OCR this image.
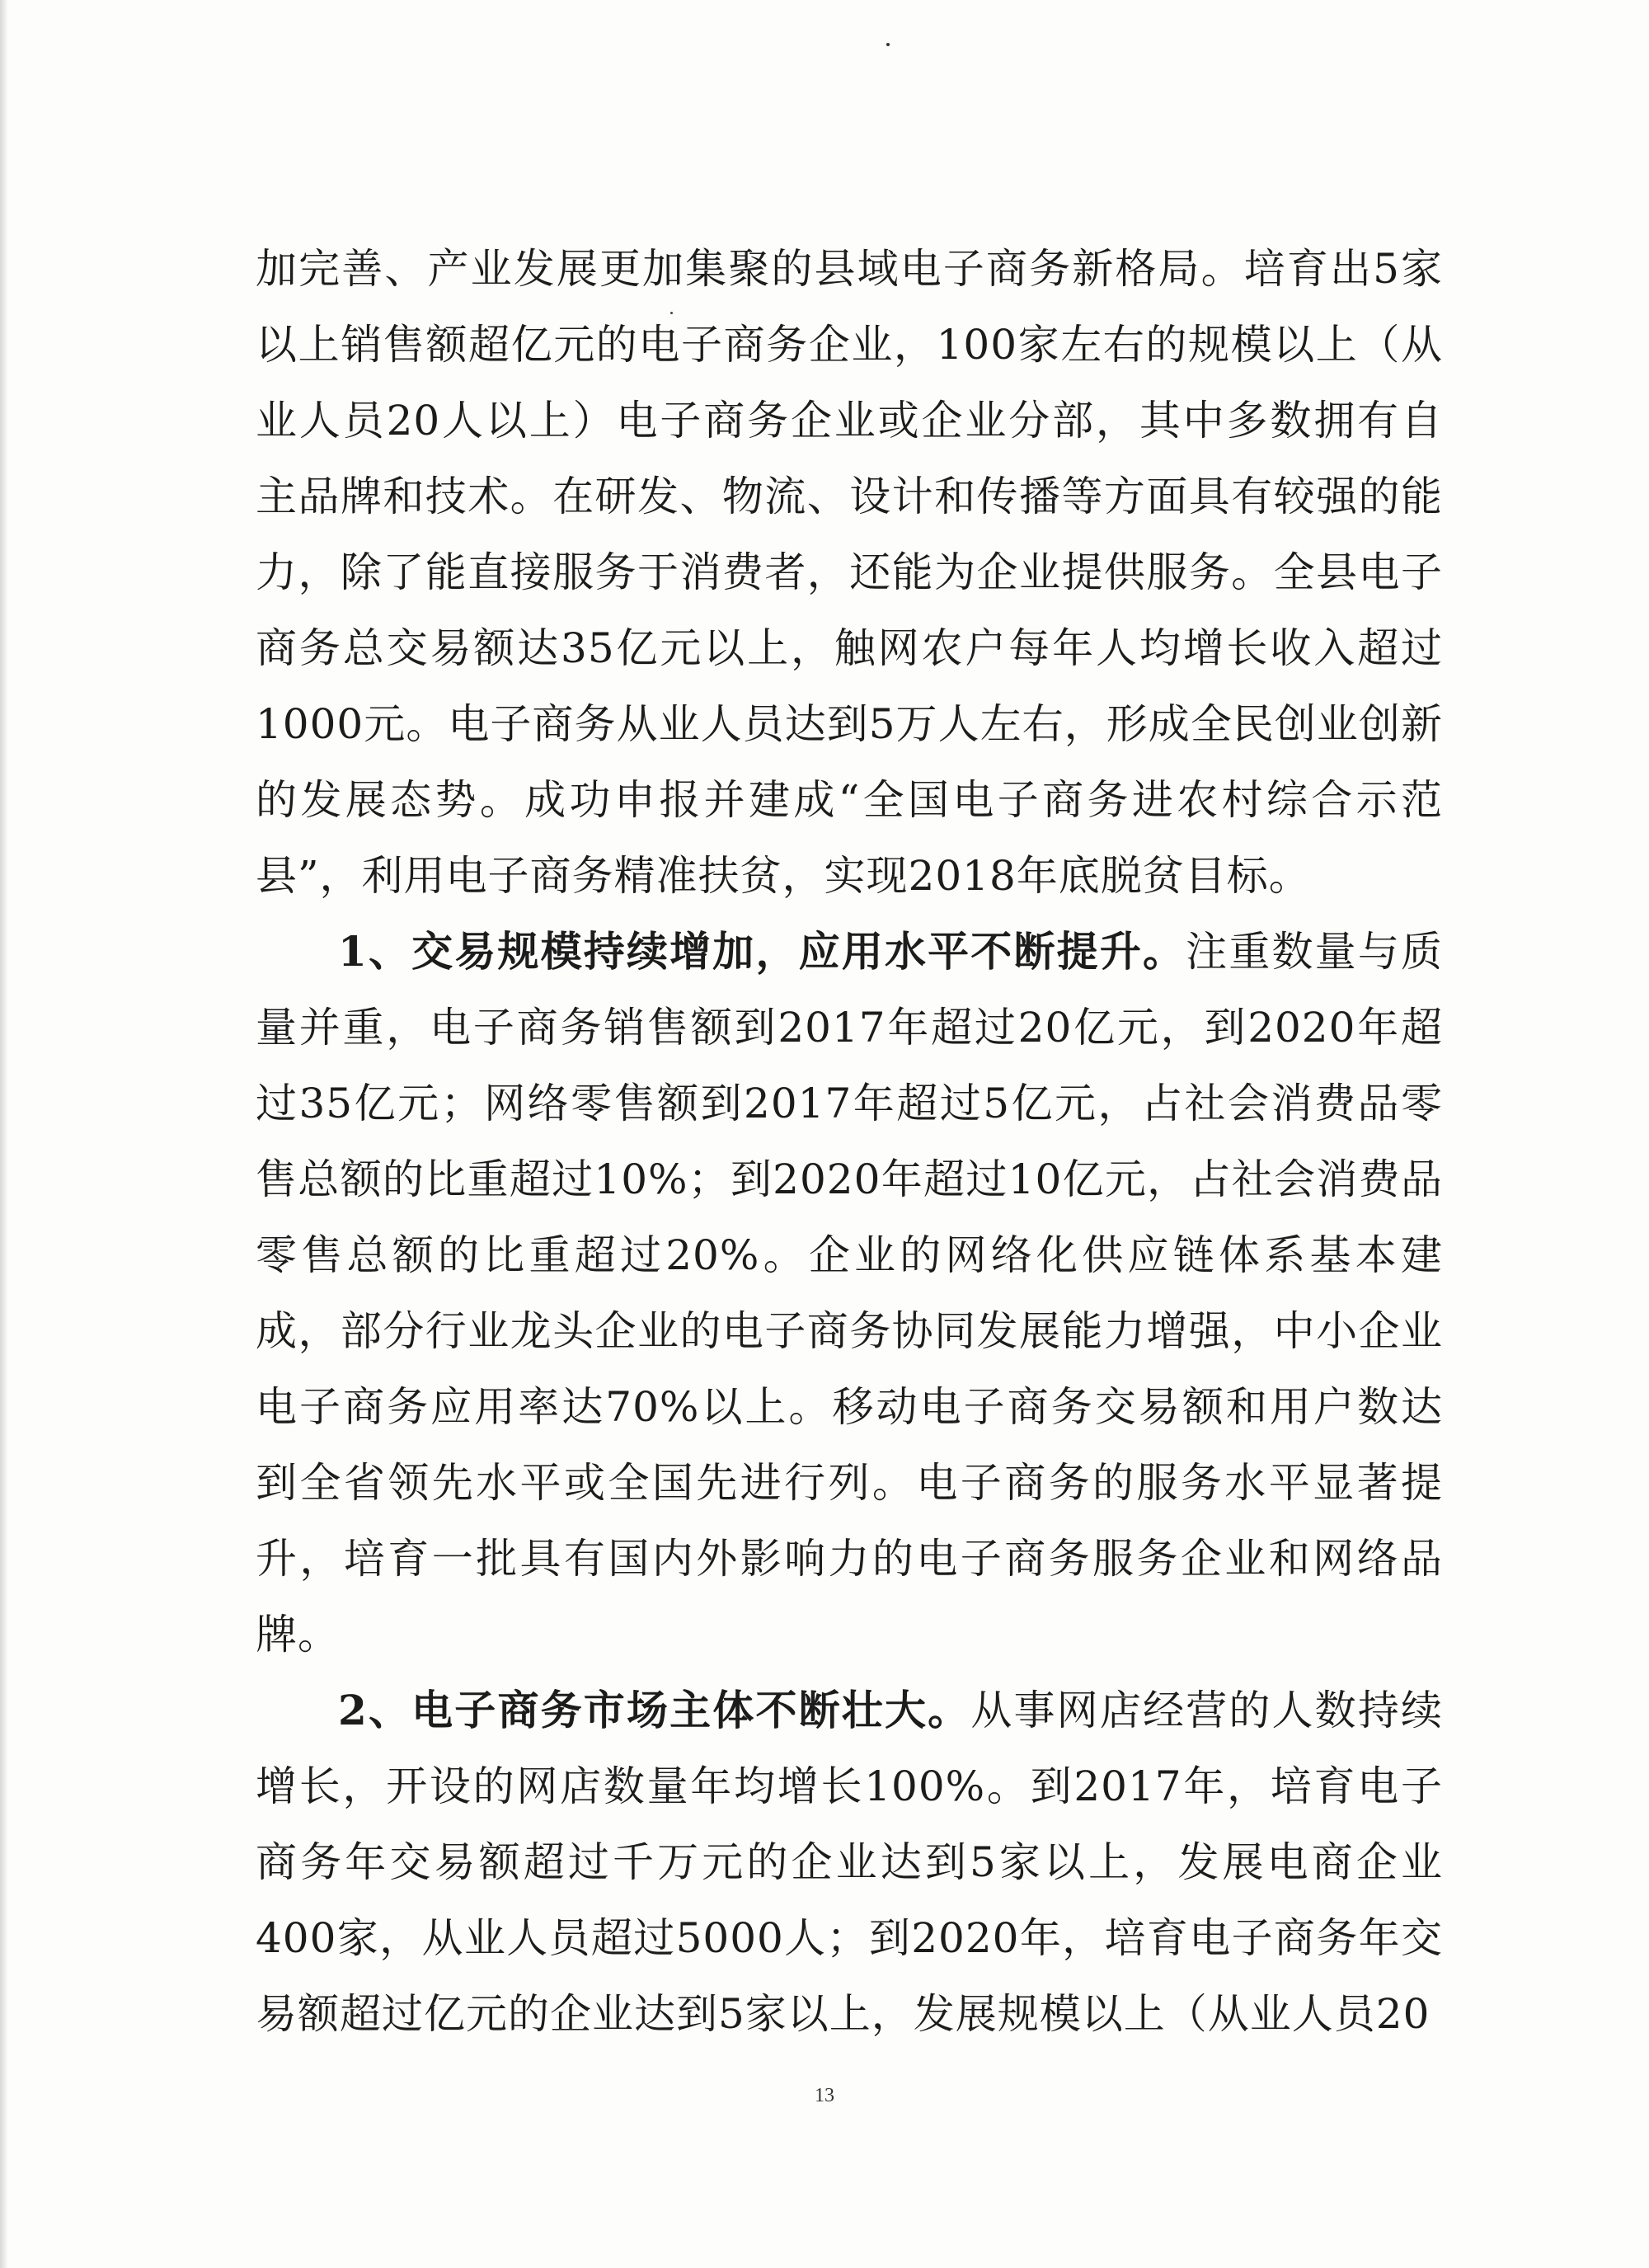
加完善、产业发展更加集聚的县域电子商务新格局。培育出5家以上销售额超亿元的电子商务企业，100家左右的规模以上（从业人员20人以上）电子商务企业或企业分部，其中多数拥有自主品牌和技术。在研发、物流、设计和传播等方面具有较强的能力，除了能直接服务于消费者，还能为企业提供服务。全县电子商务总交易额达35亿元以上，触网农户每年人均增长收入超过1000元。电子商务从业人员达到5万人左右，形成全民创业创新的发展态势。成功申报并建成“全国电子商务进农村综合示范县”，利用电子商务精准扶贫，实现2018年底脱贫目标。

1、交易规模持续增加，应用水平不断提升。注重数量与质量并重，电子商务销售额到2017年超过20亿元，到2020年超过35亿元；网络零售额到2017年超过5亿元，占社会消费品零售总额的比重超过10%；到2020年超过10亿元，占社会消费品零售总额的比重超过20%。企业的网络化供应链体系基本建成，部分行业龙头企业的电子商务协同发展能力增强，中小企业电子商务应用率达70%以上。移动电子商务交易额和用户数达到全省领先水平或全国先进行列。电子商务的服务水平显著提升，培育一批具有国内外影响力的电子商务服务企业和网络品牌。

2、电子商务市场主体不断壮大。从事网店经营的人数持续增长，开设的网店数量年均增长100%。到2017年，培育电子商务年交易额超过千万元的企业达到5家以上，发展电商企业400家，从业人员超过5000人；到2020年，培育电子商务年交易额超过亿元的企业达到5家以上，发展规模以上（从业人员20

13
